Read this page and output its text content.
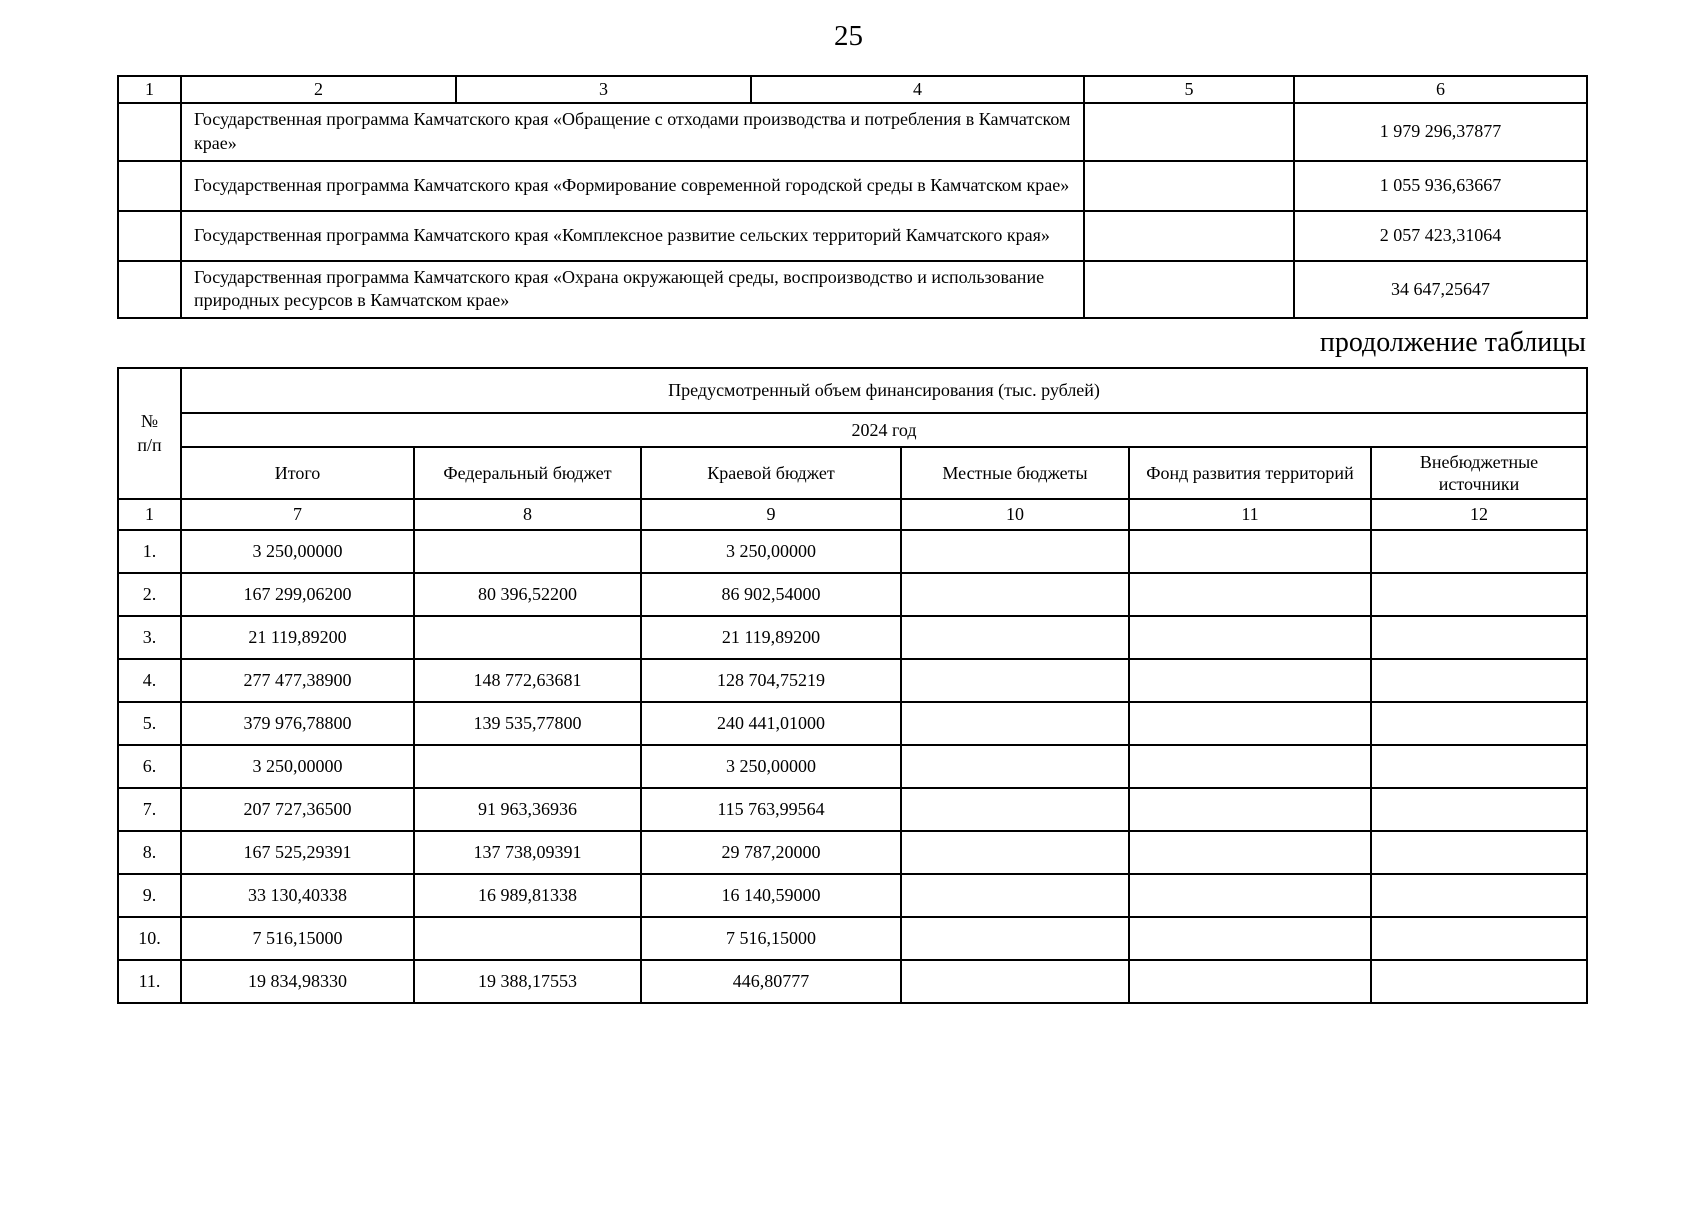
25
1	2	3	4	5	6
	Государственная программа Камчатского края «Обращение с отходами производства и потребления в Камчатском крае»				1 979 296,37877
	Государственная программа Камчатского края «Формирование современной городской среды в Камчатском крае»				1 055 936,63667
	Государственная программа Камчатского края «Комплексное развитие сельских территорий Камчатского края»				2 057 423,31064
	Государственная программа Камчатского края «Охрана окружающей среды, воспроизводство и использование природных ресурсов в Камчатском крае»				34 647,25647
продолжение таблицы
№
п/п	Предусмотренный объем финансирования (тыс. рублей)					
	2024 год					
	Итого	Федеральный бюджет	Краевой бюджет	Местные бюджеты	Фонд развития территорий	Внебюджетные источники
1	7	8	9	10	11	12
1.	3 250,00000		3 250,00000			
2.	167 299,06200	80 396,52200	86 902,54000			
3.	21 119,89200		21 119,89200			
4.	277 477,38900	148 772,63681	128 704,75219			
5.	379 976,78800	139 535,77800	240 441,01000			
6.	3 250,00000		3 250,00000			
7.	207 727,36500	91 963,36936	115 763,99564			
8.	167 525,29391	137 738,09391	29 787,20000			
9.	33 130,40338	16 989,81338	16 140,59000			
10.	7 516,15000		7 516,15000			
11.	19 834,98330	19 388,17553	446,80777			
